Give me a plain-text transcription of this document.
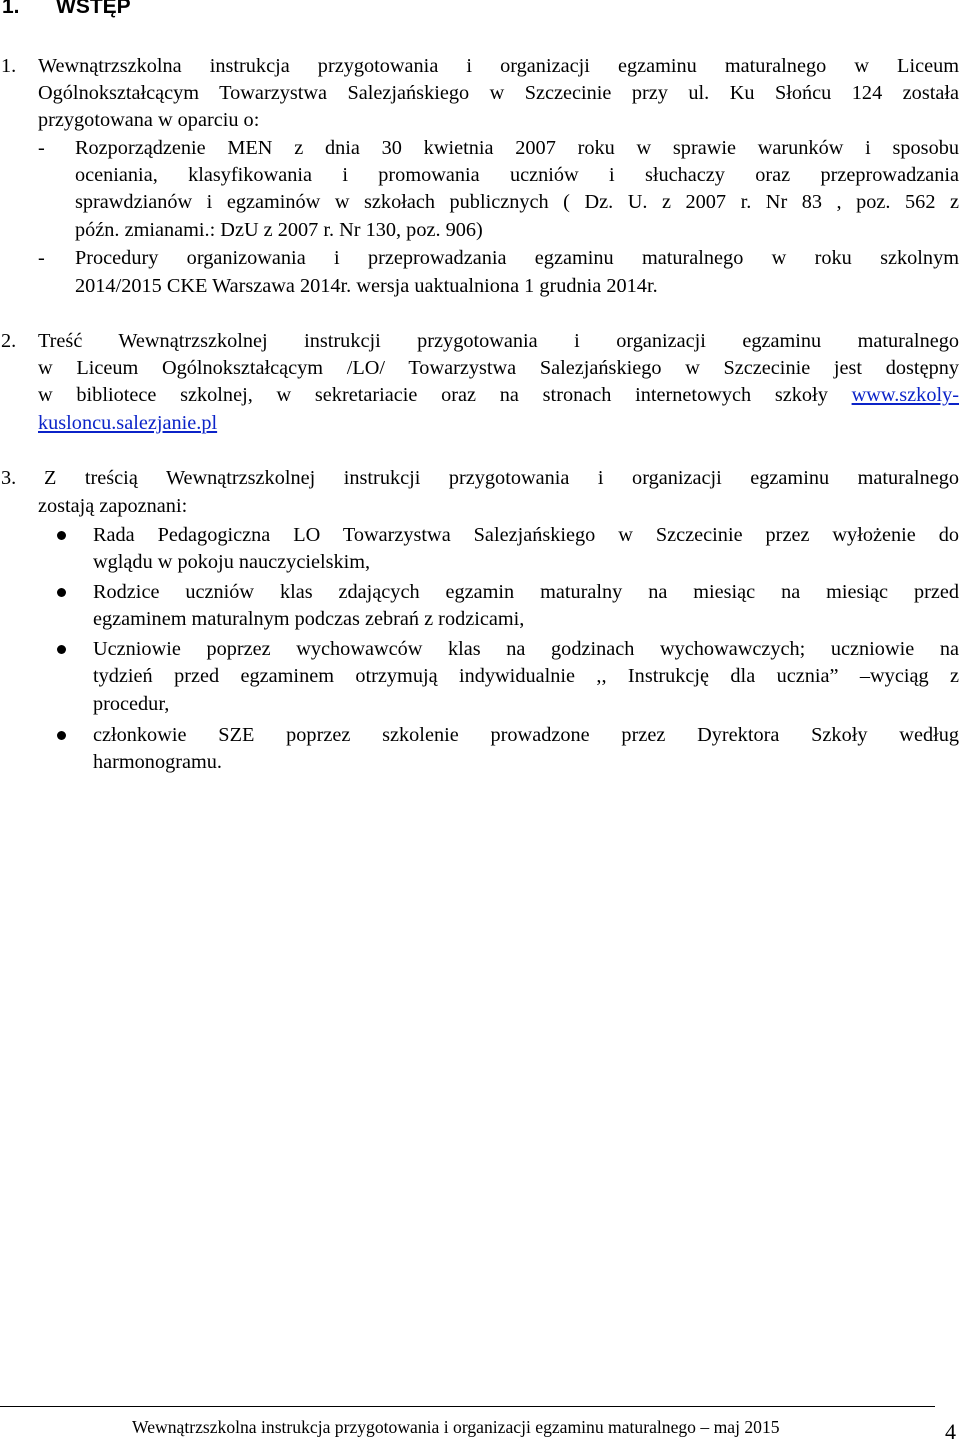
1. WSTĘP
1. Wewnątrzszkolna instrukcja przygotowania i organizacji egzaminu maturalnego w Liceum
Ogólnokształcącym Towarzystwa Salezjańskiego w Szczecinie przy ul. Ku Słońcu 124 została
przygotowana w oparciu o:
- Rozporządzenie MEN z dnia 30 kwietnia 2007 roku w sprawie warunków i sposobu
oceniania, klasyfikowania i promowania uczniów i słuchaczy oraz przeprowadzania
sprawdzianów i egzaminów w szkołach publicznych ( Dz. U. z 2007 r. Nr 83 , poz. 562 z
późn. zmianami.: DzU z 2007 r. Nr 130, poz. 906)
- Procedury organizowania i przeprowadzania egzaminu maturalnego w roku szkolnym
2014/2015 CKE Warszawa 2014r. wersja uaktualniona 1 grudnia 2014r.
2. Treść Wewnątrzszkolnej instrukcji przygotowania i organizacji egzaminu maturalnego
w Liceum Ogólnokształcącym /LO/ Towarzystwa Salezjańskiego w Szczecinie jest dostępny
w bibliotece szkolnej, w sekretariacie oraz na stronach internetowych szkoły www.szkoly-
kusloncu.salezjanie.pl
3. Z treścią Wewnątrzszkolnej instrukcji przygotowania i organizacji egzaminu maturalnego
zostają zapoznani:
Rada Pedagogiczna LO Towarzystwa Salezjańskiego w Szczecinie przez wyłożenie do
wglądu w pokoju nauczycielskim,
Rodzice uczniów klas zdających egzamin maturalny na miesiąc na miesiąc przed
egzaminem maturalnym podczas zebrań z rodzicami,
Uczniowie poprzez wychowawców klas na godzinach wychowawczych; uczniowie na
tydzień przed egzaminem otrzymują indywidualnie ,, Instrukcję dla ucznia” –wyciąg z
procedur,
członkowie SZE poprzez szkolenie prowadzone przez Dyrektora Szkoły według
harmonogramu.
Wewnątrzszkolna instrukcja przygotowania i organizacji egzaminu maturalnego – maj 2015	4
